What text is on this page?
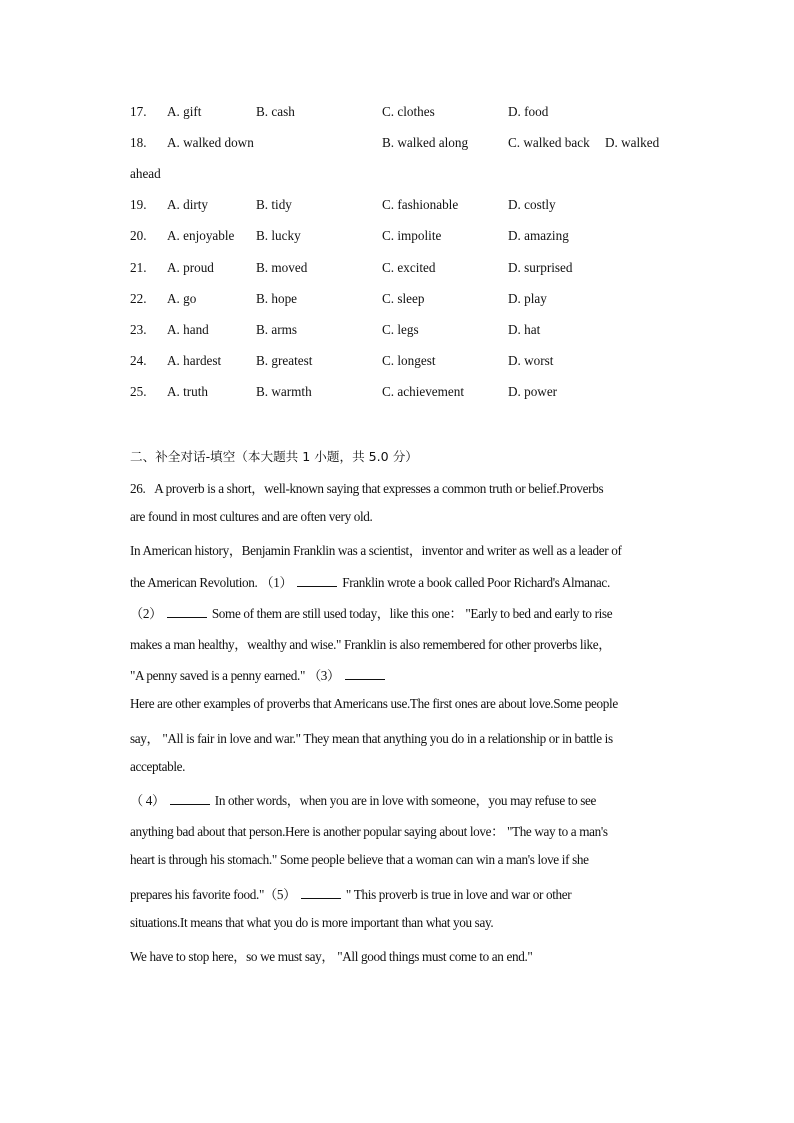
17. A. gift	B. cash	C. clothes	D. food
18. A. walked down	B. walked along	C. walked back D. walked
ahead
19. A. dirty	B. tidy	C. fashionable	D. costly
20. A. enjoyable B. lucky	C. impolite	D. amazing
21. A. proud	B. moved	C. excited	D. surprised
22. A. go	B. hope	C. sleep	D. play
23. A. hand	B. arms	C. legs	D. hat
24. A. hardest	B. greatest	C. longest	D. worst
25. A. truth	B. warmth	C. achievement	D. power
二、补全对话-填空（本大题共 1 小题，共 5.0 分）
26. A proverb is a short，well-known saying that expresses a common truth or belief.Proverbs
are found in most cultures and are often very old.
In American history，Benjamin Franklin was a scientist，inventor and writer as well as a leader of
the American Revolution. （1）	Franklin wrote a book called Poor Richard's Almanac.
（2）	Some of them are still used today，like this one： "Early to bed and early to rise
makes a man healthy，wealthy and wise." Franklin is also remembered for other proverbs like，
"A penny saved is a penny earned." （3）
Here are other examples of proverbs that Americans use.The first ones are about love.Some people
say， "All is fair in love and war." They mean that anything you do in a relationship or in battle is
acceptable.
（ 4）	In other words，when you are in love with someone，you may refuse to see
anything bad about that person.Here is another popular saying about love： "The way to a man's
heart is through his stomach." Some people believe that a woman can win a man's love if she
prepares his favorite food."（5）	" This proverb is true in love and war or other
situations.It means that what you do is more important than what you say.
We have to stop here，so we must say， "All good things must come to an end."
